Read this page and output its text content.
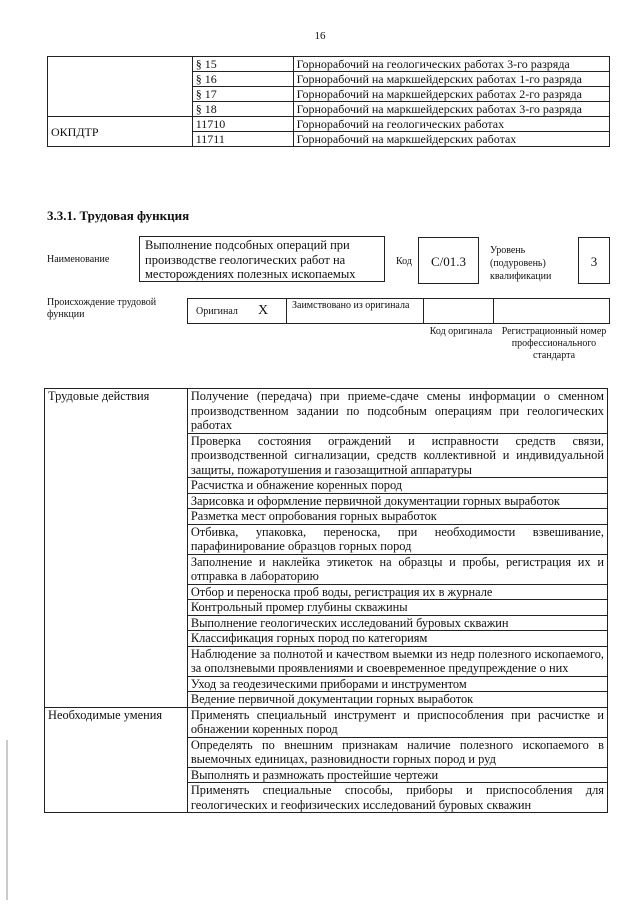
16
	§ 15	Горнорабочий на геологических работах 3-го разряда
	§ 16	Горнорабочий на маркшейдерских работах 1-го разряда
	§ 17	Горнорабочий на маркшейдерских работах 2-го разряда
	§ 18	Горнорабочий на маркшейдерских работах 3-го разряда
ОКПДТР	11710	Горнорабочий на геологических работах
	11711	Горнорабочий на маркшейдерских работах
3.3.1. Трудовая функция
Наименование
Выполнение подсобных операций при производстве геологических работ на месторождениях полезных ископаемых
Код	C/01.3
Уровень (подуровень) квалификации
3
Происхождение трудовой функции	Оригинал X Заимствовано из оригинала
Код оригинала Регистрационный номер профессионального стандарта
Трудовые действия	Получение (передача) при приеме-сдаче смены информации о сменном производственном задании по подсобным операциям при геологических работах
	Проверка состояния ограждений и исправности средств связи, производственной сигнализации, средств коллективной и индивидуальной защиты, пожаротушения и газозащитной аппаратуры
	Расчистка и обнажение коренных пород
	Зарисовка и оформление первичной документации горных выработок
	Разметка мест опробования горных выработок
	Отбивка, упаковка, переноска, при необходимости взвешивание, парафинирование образцов горных пород
	Заполнение и наклейка этикеток на образцы и пробы, регистрация их и отправка в лабораторию
	Отбор и переноска проб воды, регистрация их в журнале
	Контрольный промер глубины скважины
	Выполнение геологических исследований буровых скважин
	Классификация горных пород по категориям
	Наблюдение за полнотой и качеством выемки из недр полезного ископаемого, за оползневыми проявлениями и своевременное предупреждение о них
	Уход за геодезическими приборами и инструментом
	Ведение первичной документации горных выработок
Необходимые умения	Применять специальный инструмент и приспособления при расчистке и обнажении коренных пород
	Определять по внешним признакам наличие полезного ископаемого в выемочных единицах, разновидности горных пород и руд
	Выполнять и размножать простейшие чертежи
	Применять специальные способы, приборы и приспособления для геологических и геофизических исследований буровых скважин
